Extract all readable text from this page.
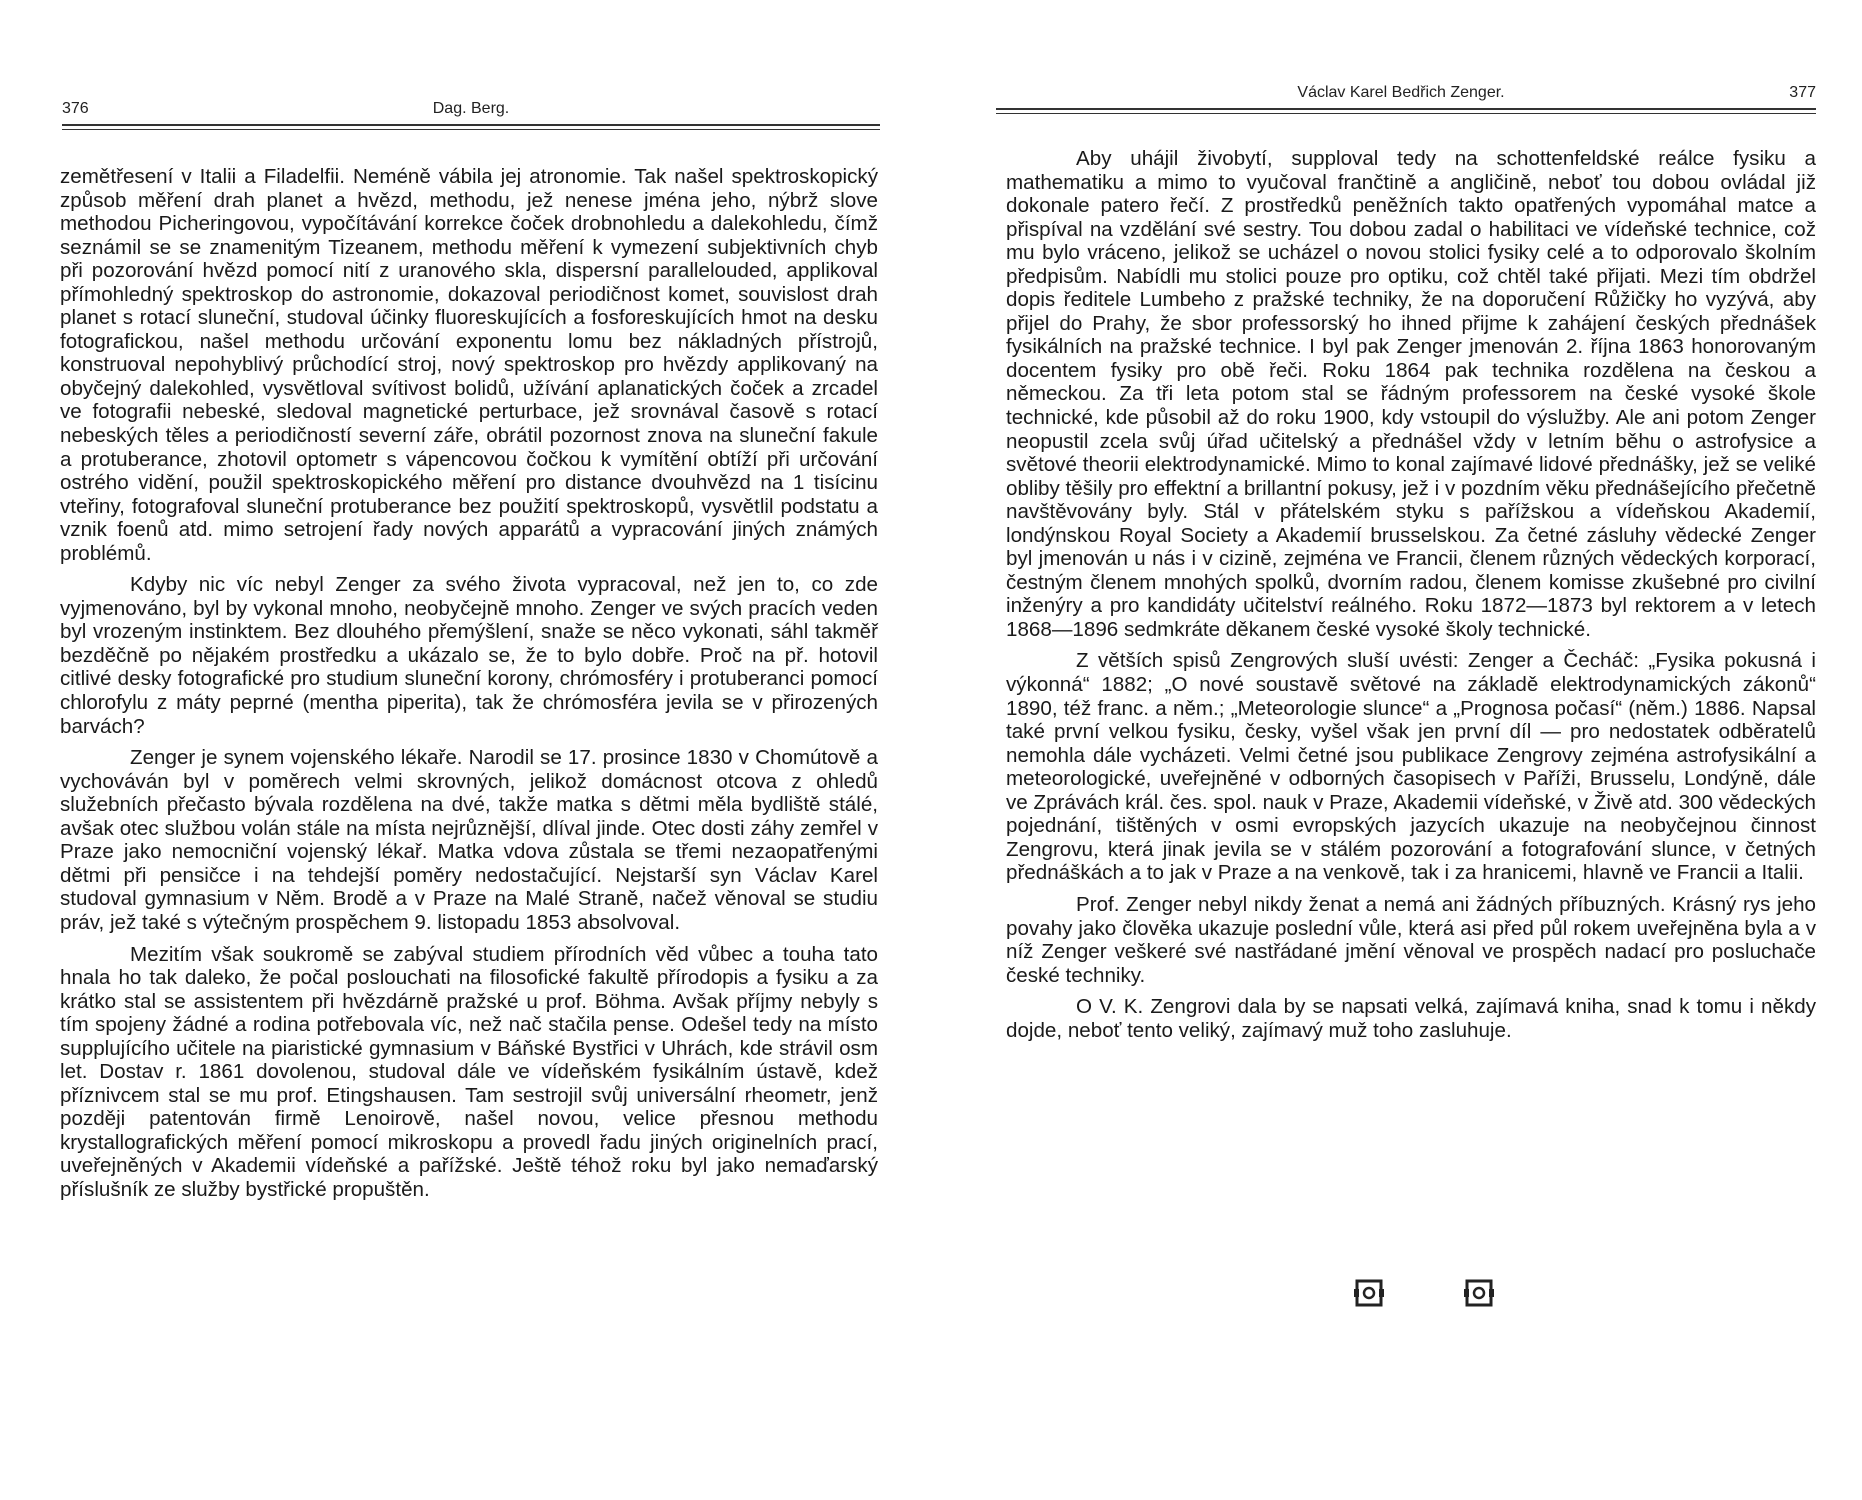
376	Dag. Berg.

zemětřesení v Italii a Filadelfii. Neméně vábila jej atronomie. Tak našel spektroskopický způsob měření drah planet a hvězd, methodu, jež nenese jména jeho, nýbrž slove methodou Picheringovou, vypočítávání korrekce čoček drobnohledu a dalekohledu, čímž seznámil se se znamenitým Tizeanem, methodu měření k vymezení subjektivních chyb při pozorování hvězd pomocí nití z uranového skla, dispersní parallelouded, applikoval přímohledný spektroskop do astronomie, dokazoval periodičnost komet, souvislost drah planet s rotací sluneční, studoval účinky fluoreskujících a fosforeskujících hmot na desku fotografickou, našel methodu určování exponentu lomu bez nákladných přístrojů, konstruoval nepohyblivý průchodící stroj, nový spektroskop pro hvězdy applikovaný na obyčejný dalekohled, vysvětloval svítivost bolidů, užívání aplanatických čoček a zrcadel ve fotografii nebeské, sledoval magnetické perturbace, jež srovnával časově s rotací nebeských těles a periodičností severní záře, obrátil pozornost znova na sluneční fakule a protuberance, zhotovil optometr s vápencovou čočkou k vymítění obtíží při určování ostrého vidění, použil spektroskopického měření pro distance dvouhvězd na 1 tisícinu vteřiny, fotografoval sluneční protuberance bez použití spektroskopů, vysvětlil podstatu a vznik foenů atd. mimo setrojení řady nových apparátů a vypracování jiných známých problémů.

Kdyby nic víc nebyl Zenger za svého života vypracoval, než jen to, co zde vyjmenováno, byl by vykonal mnoho, neobyčejně mnoho. Zenger ve svých pracích veden byl vrozeným instinktem. Bez dlouhého přemýšlení, snaže se něco vykonati, sáhl takměř bezděčně po nějakém prostředku a ukázalo se, že to bylo dobře. Proč na př. hotovil citlivé desky fotografické pro studium sluneční korony, chrómosféry i protuberanci pomocí chlorofylu z máty peprné (mentha piperita), tak že chrómosféra jevila se v přirozených barvách?

Zenger je synem vojenského lékaře. Narodil se 17. prosince 1830 v Chomútově a vychováván byl v poměrech velmi skrovných, jelikož domácnost otcova z ohledů služebních přečasto bývala rozdělena na dvé, takže matka s dětmi měla bydliště stálé, avšak otec službou volán stále na místa nejrůznější, dlíval jinde. Otec dosti záhy zemřel v Praze jako nemocniční vojenský lékař. Matka vdova zůstala se třemi nezaopatřenými dětmi při pensičce i na tehdejší poměry nedostačující. Nejstarší syn Václav Karel studoval gymnasium v Něm. Brodě a v Praze na Malé Straně, načež věnoval se studiu práv, jež také s výtečným prospěchem 9. listopadu 1853 absolvoval.

Mezitím však soukromě se zabýval studiem přírodních věd vůbec a touha tato hnala ho tak daleko, že počal poslouchati na filosofické fakultě přírodopis a fysiku a za krátko stal se assistentem při hvězdárně pražské u prof. Böhma. Avšak příjmy nebyly s tím spojeny žádné a rodina potřebovala víc, než nač stačila pense. Odešel tedy na místo supplujícího učitele na piaristické gymnasium v Báňské Bystřici v Uhrách, kde strávil osm let. Dostav r. 1861 dovolenou, studoval dále ve vídeňském fysikálním ústavě, kdež příznivcem stal se mu prof. Etingshausen. Tam sestrojil svůj universální rheometr, jenž později patentován firmě Lenoirově, našel novou, velice přesnou methodu krystallografických měření pomocí mikroskopu a provedl řadu jiných originelních prací, uveřejněných v Akademii vídeňské a pařížské. Ještě téhož roku byl jako nemaďarský příslušník ze služby bystřické propuštěn.

Václav Karel Bedřich Zenger.	377

Aby uhájil živobytí, supploval tedy na schottenfeldské reálce fysiku a mathematiku a mimo to vyučoval frančtině a angličině, neboť tou dobou ovládal již dokonale patero řečí. Z prostředků peněžních takto opatřených vypomáhal matce a přispíval na vzdělání své sestry. Tou dobou zadal o habilitaci ve vídeňské technice, což mu bylo vráceno, jelikož se ucházel o novou stolici fysiky celé a to odporovalo školním předpisům. Nabídli mu stolici pouze pro optiku, což chtěl také přijati. Mezi tím obdržel dopis ředitele Lumbeho z pražské techniky, že na doporučení Růžičky ho vyzývá, aby přijel do Prahy, že sbor professorský ho ihned přijme k zahájení českých přednášek fysikálních na pražské technice. I byl pak Zenger jmenován 2. října 1863 honorovaným docentem fysiky pro obě řeči. Roku 1864 pak technika rozdělena na českou a německou. Za tři leta potom stal se řádným professorem na české vysoké škole technické, kde působil až do roku 1900, kdy vstoupil do výslužby. Ale ani potom Zenger neopustil zcela svůj úřad učitelský a přednášel vždy v letním běhu o astrofysice a světové theorii elektrodynamické. Mimo to konal zajímavé lidové přednášky, jež se veliké obliby těšily pro effektní a brillantní pokusy, jež i v pozdním věku přednášejícího přečetně navštěvovány byly. Stál v přátelském styku s pařížskou a vídeňskou Akademií, londýnskou Royal Society a Akademií brusselskou. Za četné zásluhy vědecké Zenger byl jmenován u nás i v cizině, zejména ve Francii, členem různých vědeckých korporací, čestným členem mnohých spolků, dvorním radou, členem komisse zkušebné pro civilní inženýry a pro kandidáty učitelství reálného. Roku 1872—1873 byl rektorem a v letech 1868—1896 sedmkráte děkanem české vysoké školy technické.

Z větších spisů Zengrových sluší uvésti: Zenger a Čecháč: „Fysika pokusná i výkonná“ 1882; „O nové soustavě světové na základě elektrodynamických zákonů“ 1890, též franc. a něm.; „Meteorologie slunce“ a „Prognosa počasí“ (něm.) 1886. Napsal také první velkou fysiku, česky, vyšel však jen první díl — pro nedostatek odběratelů nemohla dále vycházeti. Velmi četné jsou publikace Zengrovy zejména astrofysikální a meteorologické, uveřejněné v odborných časopisech v Paříži, Brusselu, Londýně, dále ve Zprávách král. čes. spol. nauk v Praze, Akademii vídeňské, v Živě atd. 300 vědeckých pojednání, tištěných v osmi evropských jazycích ukazuje na neobyčejnou činnost Zengrovu, která jinak jevila se v stálém pozorování a fotografování slunce, v četných přednáškách a to jak v Praze a na venkově, tak i za hranicemi, hlavně ve Francii a Italii.

Prof. Zenger nebyl nikdy ženat a nemá ani žádných příbuzných. Krásný rys jeho povahy jako člověka ukazuje poslední vůle, která asi před půl rokem uveřejněna byla a v níž Zenger veškeré své nastřádané jmění věnoval ve prospěch nadací pro posluchače české techniky.

O V. K. Zengrovi dala by se napsati velká, zajímavá kniha, snad k tomu i někdy dojde, neboť tento veliký, zajímavý muž toho zasluhuje.
